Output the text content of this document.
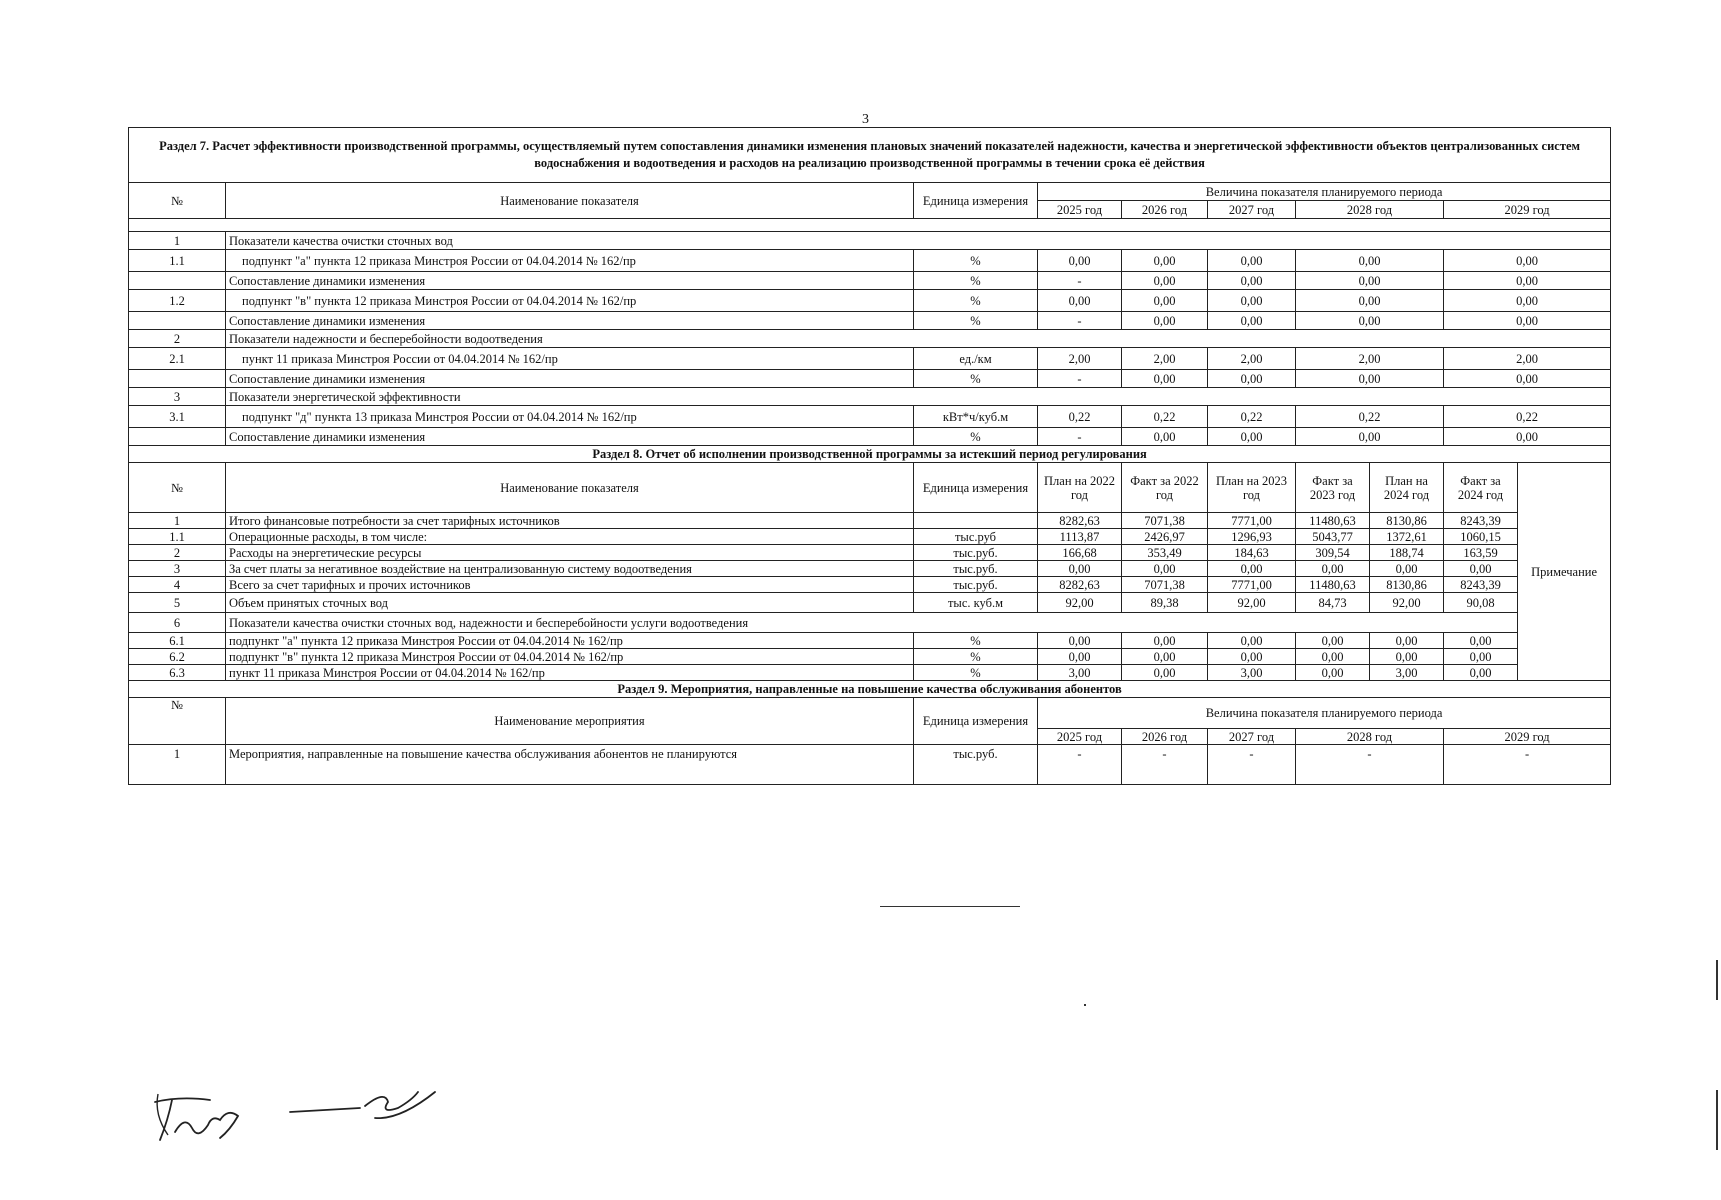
3
Раздел 7. Расчет эффективности производственной программы, осуществляемый путем сопоставления динамики изменения плановых значений показателей надежности, качества и энергетической эффективности объектов централизованных систем водоснабжения и водоотведения и расходов на реализацию производственной программы в течении срока её действия									
№	Наименование показателя	Единица измерения	Величина показателя планируемого периода						
			2025 год	2026 год	2027 год	2028 год		2029 год	

1	Показатели качества очистки сточных вод								
1.1	подпункт "а" пункта 12 приказа Минстроя России от 04.04.2014 № 162/пр	%	0,00	0,00	0,00	0,00		0,00	
	Сопоставление динамики изменения	%	-	0,00	0,00	0,00		0,00	
1.2	подпункт "в" пункта 12 приказа Минстроя России от 04.04.2014 № 162/пр	%	0,00	0,00	0,00	0,00		0,00	
	Сопоставление динамики изменения	%	-	0,00	0,00	0,00		0,00	
2	Показатели надежности и бесперебойности водоотведения								
2.1	пункт 11 приказа Минстроя России от 04.04.2014 № 162/пр	ед./км	2,00	2,00	2,00	2,00		2,00	
	Сопоставление динамики изменения	%	-	0,00	0,00	0,00		0,00	
3	Показатели энергетической эффективности								
3.1	подпункт "д" пункта 13 приказа Минстроя России от 04.04.2014 № 162/пр	кВт*ч/куб.м	0,22	0,22	0,22	0,22		0,22	
	Сопоставление динамики изменения	%	-	0,00	0,00	0,00		0,00	
Раздел 8. Отчет об исполнении производственной программы за истекший период регулирования									
№	Наименование показателя	Единица измерения	План на 2022 год	Факт за 2022 год	План на 2023 год	Факт за 2023 год	План на 2024 год	Факт за 2024 год	Примечание
1	Итого финансовые потребности за счет тарифных источников		8282,63	7071,38	7771,00	11480,63	8130,86	8243,39	
1.1	Операционные расходы, в том числе:	тыс.руб	1113,87	2426,97	1296,93	5043,77	1372,61	1060,15	
2	Расходы на энергетические ресурсы	тыс.руб.	166,68	353,49	184,63	309,54	188,74	163,59	
3	За счет платы за негативное воздействие на централизованную систему водоотведения	тыс.руб.	0,00	0,00	0,00	0,00	0,00	0,00	
4	Всего за счет тарифных и прочих источников	тыс.руб.	8282,63	7071,38	7771,00	11480,63	8130,86	8243,39	
5	Объем принятых сточных вод	тыс. куб.м	92,00	89,38	92,00	84,73	92,00	90,08	
6	Показатели качества очистки сточных вод, надежности и бесперебойности услуги водоотведения								
6.1	подпункт "а" пункта 12 приказа Минстроя России от 04.04.2014 № 162/пр	%	0,00	0,00	0,00	0,00	0,00	0,00	
6.2	подпункт "в" пункта 12 приказа Минстроя России от 04.04.2014 № 162/пр	%	0,00	0,00	0,00	0,00	0,00	0,00	
6.3	пункт 11 приказа Минстроя России от 04.04.2014 № 162/пр	%	3,00	0,00	3,00	0,00	3,00	0,00	
Раздел 9. Мероприятия, направленные на повышение качества обслуживания абонентов									
№	Наименование мероприятия	Единица измерения	Величина показателя планируемого периода						
			2025 год	2026 год	2027 год	2028 год		2029 год	
1	Мероприятия, направленные на повышение качества обслуживания абонентов не планируются	тыс.руб.	-	-	-	-		-	
